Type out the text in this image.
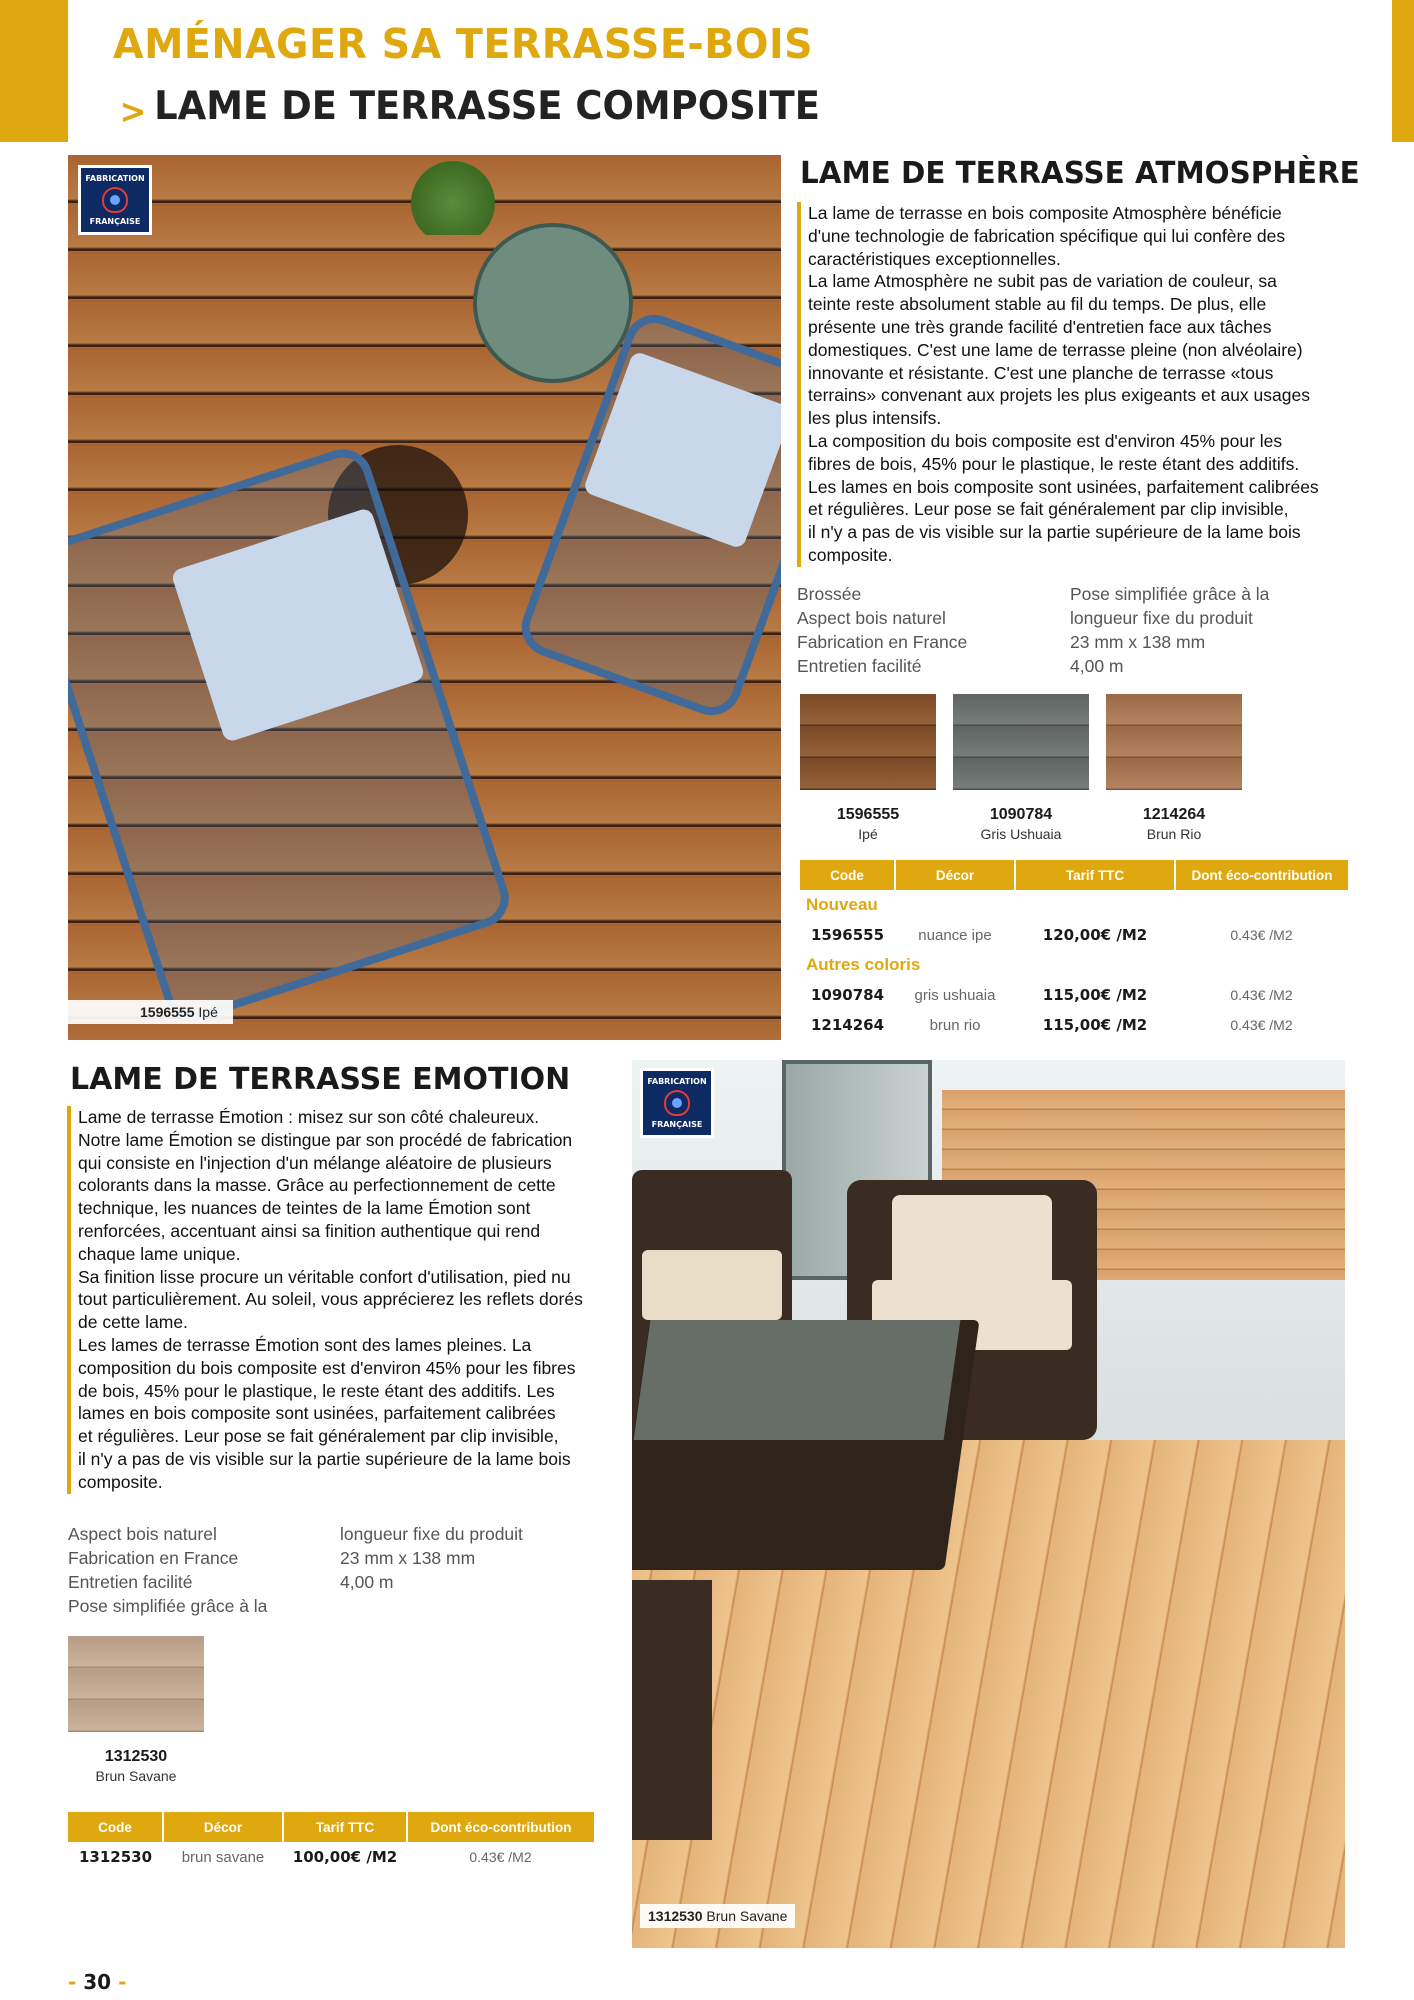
AMÉNAGER SA TERRASSE-BOIS
> LAME DE TERRASSE COMPOSITE
FABRICATION
FRANÇAISE
1596555 Ipé
LAME DE TERRASSE ATMOSPHÈRE

La lame de terrasse en bois composite Atmosphère bénéficie
d'une technologie de fabrication spécifique qui lui confère des
caractéristiques exceptionnelles.
La lame Atmosphère ne subit pas de variation de couleur, sa
teinte reste absolument stable au fil du temps. De plus, elle
présente une très grande facilité d'entretien face aux tâches
domestiques. C'est une lame de terrasse pleine (non alvéolaire)
innovante et résistante. C'est une planche de terrasse «tous
terrains» convenant aux projets les plus exigeants et aux usages
les plus intensifs.
La composition du bois composite est d'environ 45% pour les
fibres de bois, 45% pour le plastique, le reste étant des additifs.
Les lames en bois composite sont usinées, parfaitement calibrées
et régulières. Leur pose se fait généralement par clip invisible,
il n'y a pas de vis visible sur la partie supérieure de la lame bois
composite.

Brossée
Aspect bois naturel
Fabrication en France
Entretien facilité
Pose simplifiée grâce à la
longueur fixe du produit
23 mm x 138 mm
4,00 m
1596555
Ipé
1090784
Gris Ushuaia
1214264
Brun Rio
Code	Décor	Tarif TTC	Dont éco-contribution
Nouveau			
1596555	nuance ipe	120,00€ /M2	0.43€ /M2
Autres coloris			
1090784	gris ushuaia	115,00€ /M2	0.43€ /M2
1214264	brun rio	115,00€ /M2	0.43€ /M2
LAME DE TERRASSE EMOTION

Lame de terrasse Émotion : misez sur son côté chaleureux.
Notre lame Émotion se distingue par son procédé de fabrication
qui consiste en l'injection d'un mélange aléatoire de plusieurs
colorants dans la masse. Grâce au perfectionnement de cette
technique, les nuances de teintes de la lame Émotion sont
renforcées, accentuant ainsi sa finition authentique qui rend
chaque lame unique.
Sa finition lisse procure un véritable confort d'utilisation, pied nu
tout particulièrement. Au soleil, vous apprécierez les reflets dorés
de cette lame.
Les lames de terrasse Émotion sont des lames pleines. La
composition du bois composite est d'environ 45% pour les fibres
de bois, 45% pour le plastique, le reste étant des additifs. Les
lames en bois composite sont usinées, parfaitement calibrées
et régulières. Leur pose se fait généralement par clip invisible,
il n'y a pas de vis visible sur la partie supérieure de la lame bois
composite.

Aspect bois naturel
Fabrication en France
Entretien facilité
Pose simplifiée grâce à la
longueur fixe du produit
23 mm x 138 mm
4,00 m
1312530
Brun Savane
Code	Décor	Tarif TTC	Dont éco-contribution
1312530	brun savane	100,00€ /M2	0.43€ /M2
FABRICATION
FRANÇAISE
1312530 Brun Savane
- 30 -
